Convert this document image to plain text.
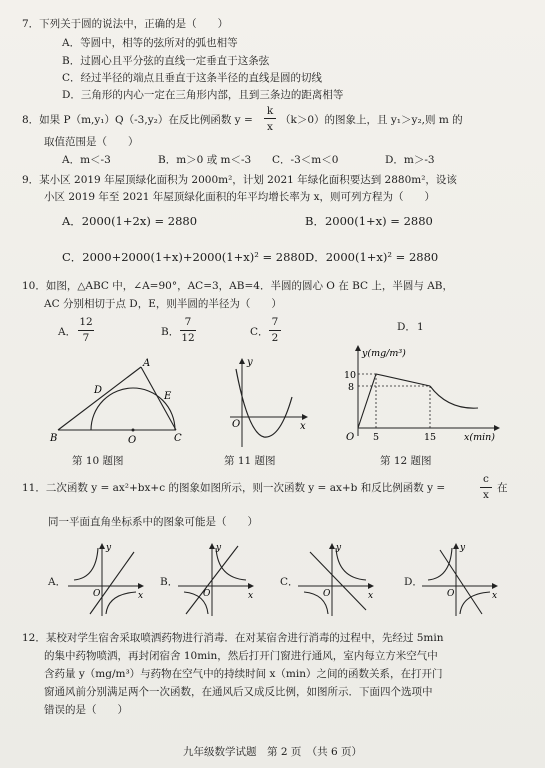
7．下列关于圆的说法中，正确的是（　　）
A．等圆中，相等的弦所对的弧也相等
B．过圆心且平分弦的直线一定垂直于这条弦
C．经过半径的端点且垂直于这条半径的直线是圆的切线
D．三角形的内心一定在三角形内部，且到三条边的距离相等
8．如果 P（m,y₁）Q（-3,y₂）在反比例函数 y =
k
x
（k＞0）的图象上，且 y₁＞y₂,则 m 的
取值范围是（　　）
A．m＜-3	B．m＞0 或 m＜-3 C．-3＜m＜0	D．m＞-3
9．某小区 2019 年屋顶绿化面积为 2000m²，计划 2021 年绿化面积要达到 2880m²，设该
小区 2019 年至 2021 年屋顶绿化面积的年平均增长率为 x，则可列方程为（　　）
A．2000(1+2x) = 2880	B．2000(1+x) = 2880
C．2000+2000(1+x)+2000(1+x)² = 2880 D．2000(1+x)² = 2880
10．如图，△ABC 中，∠A=90°，AC=3，AB=4．半圆的圆心 O 在 BC 上，半圆与 AB，
AC 分别相切于点 D，E，则半圆的半径为（　　）
A．
12
7	B．
7
12	C．
7
2
D． 1
A
B	C
D
E
O
第 10 题图
y
x
O
第 11 题图
y(mg/m³)
x(min)
O
10
8
5	15
第 12 题图
11．二次函数 y = ax²+bx+c 的图象如图所示，则一次函数 y = ax+b 和反比例函数 y =
c
x
在
同一平面直角坐标系中的图象可能是（　　）
A．
y
x
O
B．
y
x
O
C．
y
x
O
D．
y
x
O
12．某校对学生宿舍采取喷洒药物进行消毒．在对某宿舍进行消毒的过程中，先经过 5min
的集中药物喷洒，再封闭宿舍 10min，然后打开门窗进行通风，室内每立方米空气中
含药量 y（mg/m³）与药物在空气中的持续时间 x（min）之间的函数关系，在打开门
窗通风前分别满足两个一次函数，在通风后又成反比例，如图所示．下面四个选项中
错误的是（　　）
九年级数学试题　第 2 页　（共 6 页）
